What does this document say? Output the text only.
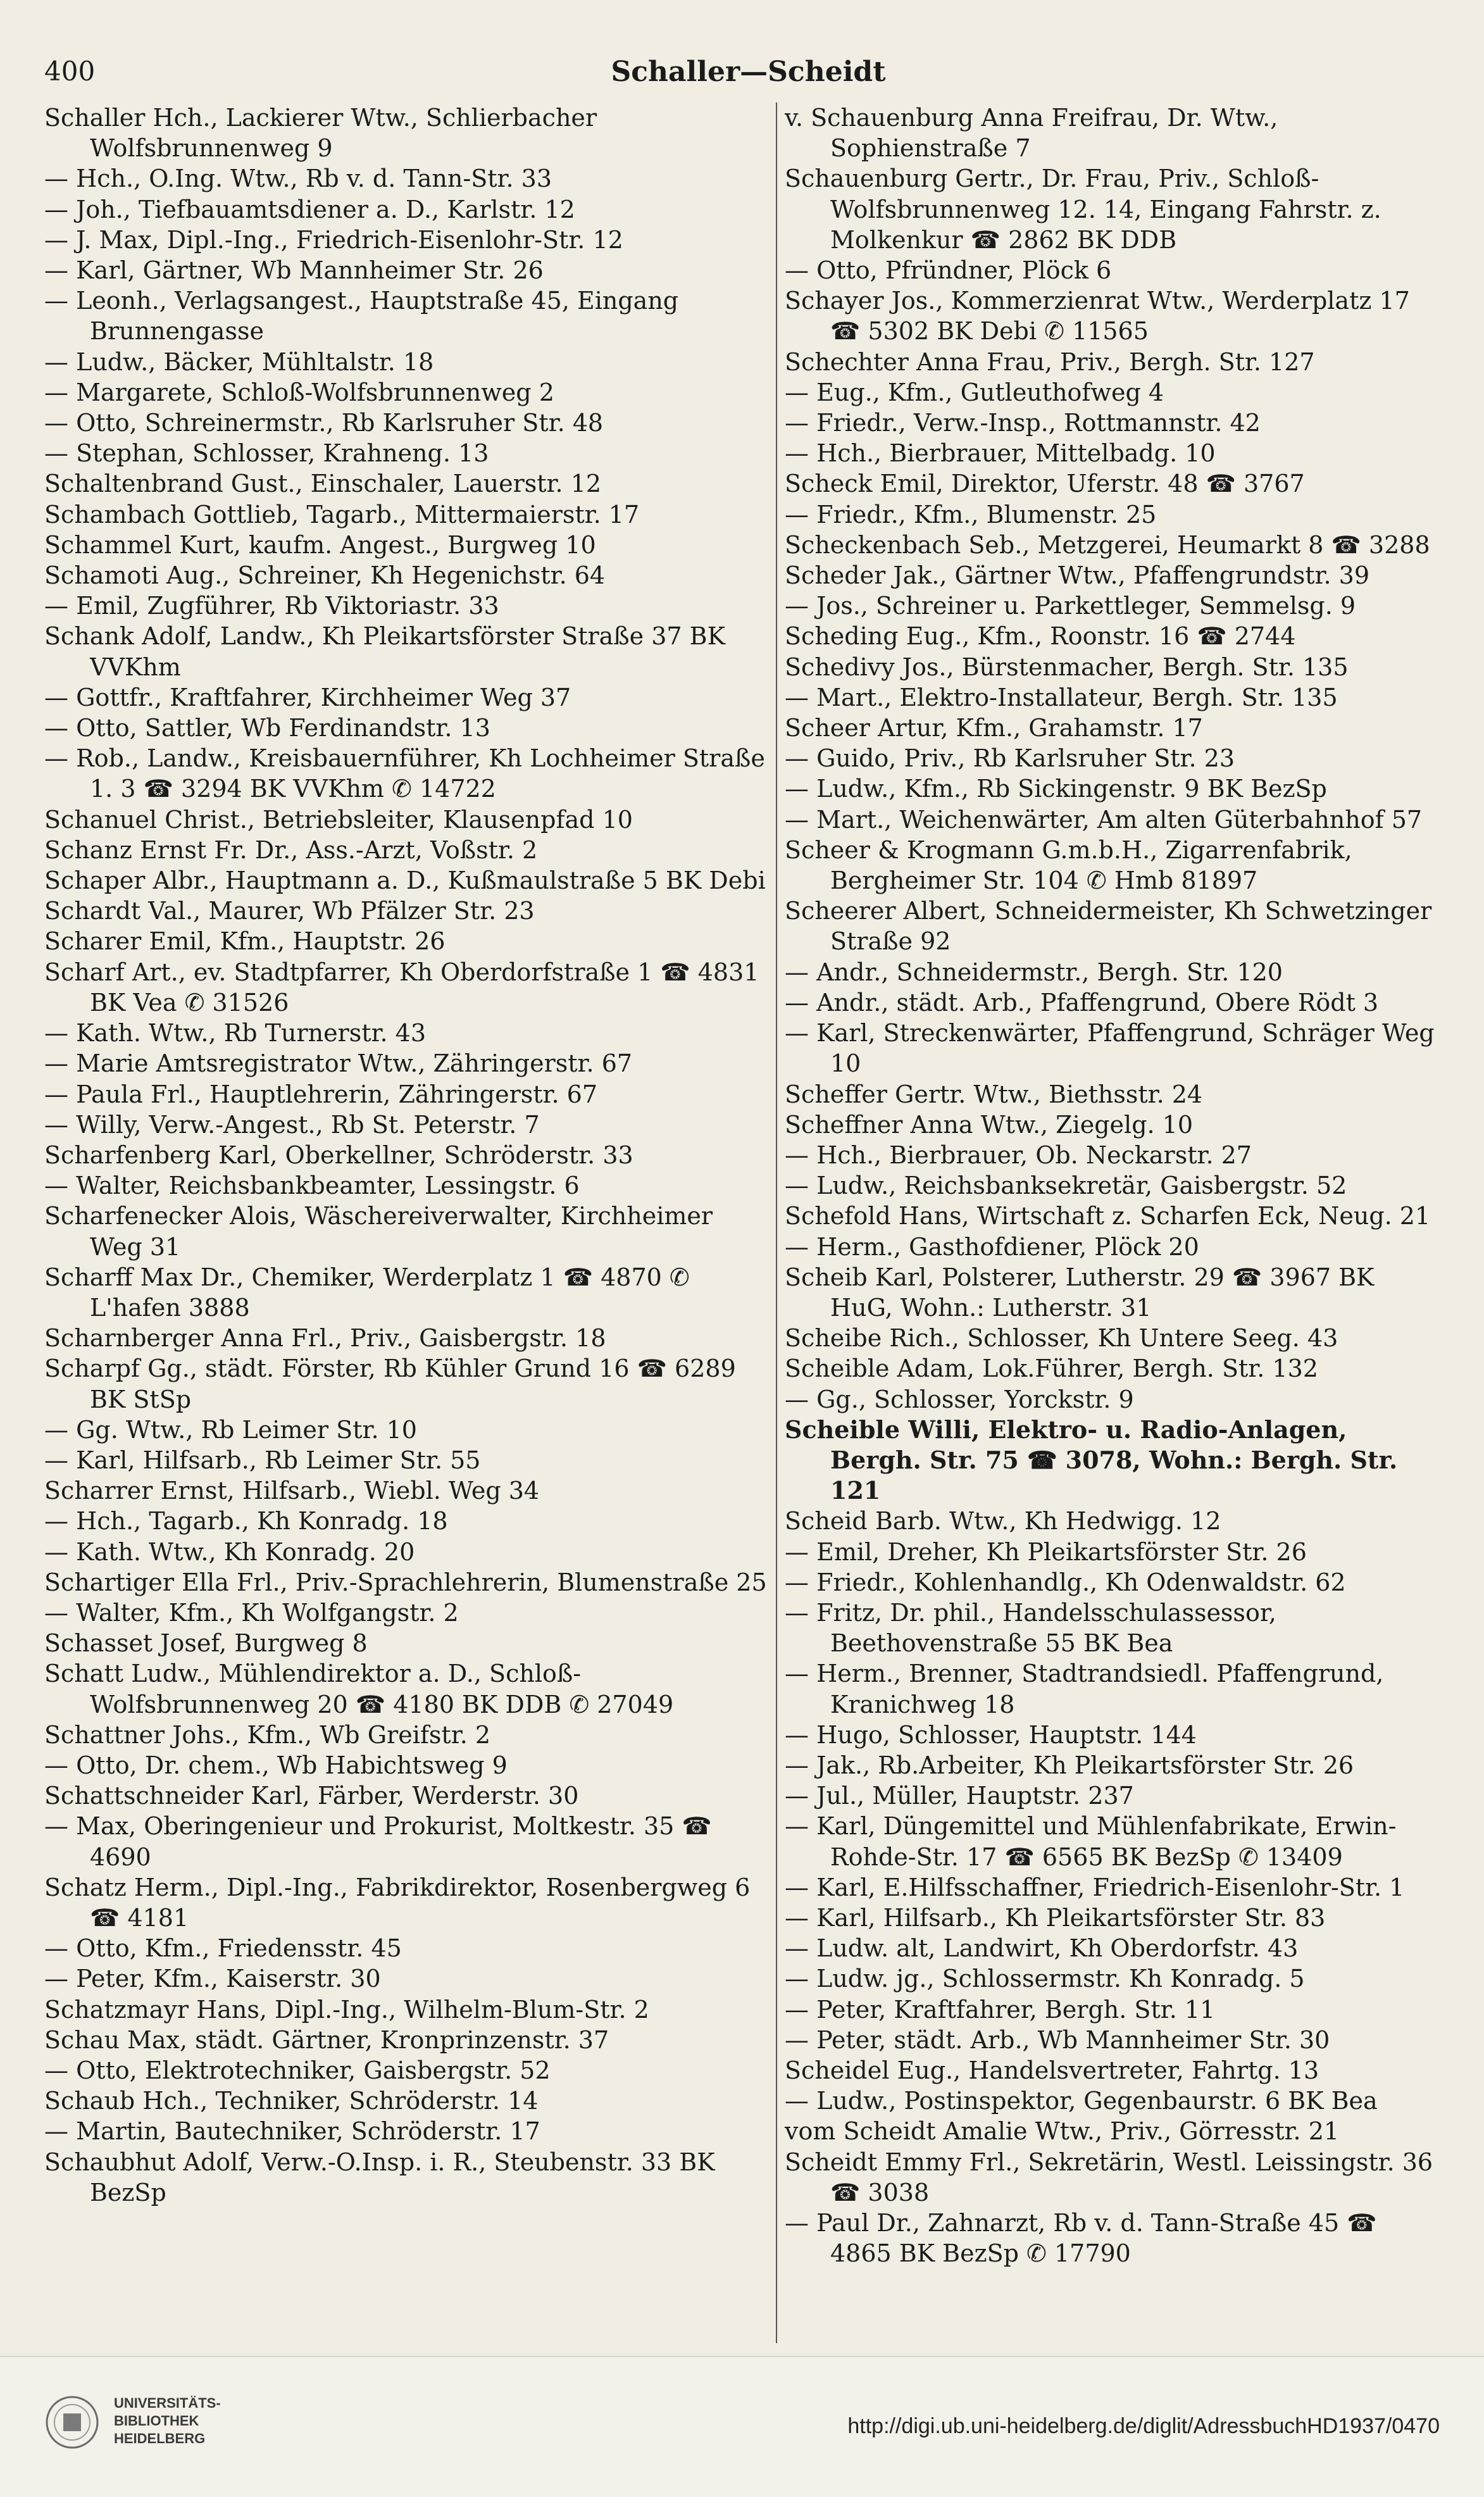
400	Schaller—Scheidt

Schaller Hch., Lackierer Wtw., Schlierbacher Wolfsbrunnenweg 9

— Hch., O.Ing. Wtw., Rb v. d. Tann-Str. 33

— Joh., Tiefbauamtsdiener a. D., Karlstr. 12

— J. Max, Dipl.-Ing., Friedrich-Eisenlohr-Str. 12

— Karl, Gärtner, Wb Mannheimer Str. 26

— Leonh., Verlagsangest., Hauptstraße 45, Eingang Brunnengasse

— Ludw., Bäcker, Mühltalstr. 18

— Margarete, Schloß-Wolfsbrunnenweg 2

— Otto, Schreinermstr., Rb Karlsruher Str. 48

— Stephan, Schlosser, Krahneng. 13

Schaltenbrand Gust., Einschaler, Lauerstr. 12

Schambach Gottlieb, Tagarb., Mittermaierstr. 17

Schammel Kurt, kaufm. Angest., Burgweg 10

Schamoti Aug., Schreiner, Kh Hegenichstr. 64

— Emil, Zugführer, Rb Viktoriastr. 33

Schank Adolf, Landw., Kh Pleikartsförster Straße 37 BK VVKhm

— Gottfr., Kraftfahrer, Kirchheimer Weg 37

— Otto, Sattler, Wb Ferdinandstr. 13

— Rob., Landw., Kreisbauernführer, Kh Lochheimer Straße 1. 3 ☎ 3294 BK VVKhm ✆ 14722

Schanuel Christ., Betriebsleiter, Klausenpfad 10

Schanz Ernst Fr. Dr., Ass.-Arzt, Voßstr. 2

Schaper Albr., Hauptmann a. D., Kußmaulstraße 5 BK Debi

Schardt Val., Maurer, Wb Pfälzer Str. 23

Scharer Emil, Kfm., Hauptstr. 26

Scharf Art., ev. Stadtpfarrer, Kh Oberdorfstraße 1 ☎ 4831 BK Vea ✆ 31526

— Kath. Wtw., Rb Turnerstr. 43

— Marie Amtsregistrator Wtw., Zähringerstr. 67

— Paula Frl., Hauptlehrerin, Zähringerstr. 67

— Willy, Verw.-Angest., Rb St. Peterstr. 7

Scharfenberg Karl, Oberkellner, Schröderstr. 33

— Walter, Reichsbankbeamter, Lessingstr. 6

Scharfenecker Alois, Wäschereiverwalter, Kirchheimer Weg 31

Scharff Max Dr., Chemiker, Werderplatz 1 ☎ 4870 ✆ L'hafen 3888

Scharnberger Anna Frl., Priv., Gaisbergstr. 18

Scharpf Gg., städt. Förster, Rb Kühler Grund 16 ☎ 6289 BK StSp

— Gg. Wtw., Rb Leimer Str. 10

— Karl, Hilfsarb., Rb Leimer Str. 55

Scharrer Ernst, Hilfsarb., Wiebl. Weg 34

— Hch., Tagarb., Kh Konradg. 18

— Kath. Wtw., Kh Konradg. 20

Schartiger Ella Frl., Priv.-Sprachlehrerin, Blumenstraße 25

— Walter, Kfm., Kh Wolfgangstr. 2

Schasset Josef, Burgweg 8

Schatt Ludw., Mühlendirektor a. D., Schloß-Wolfsbrunnenweg 20 ☎ 4180 BK DDB ✆ 27049

Schattner Johs., Kfm., Wb Greifstr. 2

— Otto, Dr. chem., Wb Habichtsweg 9

Schattschneider Karl, Färber, Werderstr. 30

— Max, Oberingenieur und Prokurist, Moltkestr. 35 ☎ 4690

Schatz Herm., Dipl.-Ing., Fabrikdirektor, Rosenbergweg 6 ☎ 4181

— Otto, Kfm., Friedensstr. 45

— Peter, Kfm., Kaiserstr. 30

Schatzmayr Hans, Dipl.-Ing., Wilhelm-Blum-Str. 2

Schau Max, städt. Gärtner, Kronprinzenstr. 37

— Otto, Elektrotechniker, Gaisbergstr. 52

Schaub Hch., Techniker, Schröderstr. 14

— Martin, Bautechniker, Schröderstr. 17

Schaubhut Adolf, Verw.-O.Insp. i. R., Steubenstr. 33 BK BezSp

v. Schauenburg Anna Freifrau, Dr. Wtw., Sophienstraße 7

Schauenburg Gertr., Dr. Frau, Priv., Schloß-Wolfsbrunnenweg 12. 14, Eingang Fahrstr. z. Molkenkur ☎ 2862 BK DDB

— Otto, Pfründner, Plöck 6

Schayer Jos., Kommerzienrat Wtw., Werderplatz 17 ☎ 5302 BK Debi ✆ 11565

Schechter Anna Frau, Priv., Bergh. Str. 127

— Eug., Kfm., Gutleuthofweg 4

— Friedr., Verw.-Insp., Rottmannstr. 42

— Hch., Bierbrauer, Mittelbadg. 10

Scheck Emil, Direktor, Uferstr. 48 ☎ 3767

— Friedr., Kfm., Blumenstr. 25

Scheckenbach Seb., Metzgerei, Heumarkt 8 ☎ 3288

Scheder Jak., Gärtner Wtw., Pfaffengrundstr. 39

— Jos., Schreiner u. Parkettleger, Semmelsg. 9

Scheding Eug., Kfm., Roonstr. 16 ☎ 2744

Schedivy Jos., Bürstenmacher, Bergh. Str. 135

— Mart., Elektro-Installateur, Bergh. Str. 135

Scheer Artur, Kfm., Grahamstr. 17

— Guido, Priv., Rb Karlsruher Str. 23

— Ludw., Kfm., Rb Sickingenstr. 9 BK BezSp

— Mart., Weichenwärter, Am alten Güterbahnhof 57

Scheer & Krogmann G.m.b.H., Zigarrenfabrik, Bergheimer Str. 104 ✆ Hmb 81897

Scheerer Albert, Schneidermeister, Kh Schwetzinger Straße 92

— Andr., Schneidermstr., Bergh. Str. 120

— Andr., städt. Arb., Pfaffengrund, Obere Rödt 3

— Karl, Streckenwärter, Pfaffengrund, Schräger Weg 10

Scheffer Gertr. Wtw., Biethsstr. 24

Scheffner Anna Wtw., Ziegelg. 10

— Hch., Bierbrauer, Ob. Neckarstr. 27

— Ludw., Reichsbanksekretär, Gaisbergstr. 52

Schefold Hans, Wirtschaft z. Scharfen Eck, Neug. 21

— Herm., Gasthofdiener, Plöck 20

Scheib Karl, Polsterer, Lutherstr. 29 ☎ 3967 BK HuG, Wohn.: Lutherstr. 31

Scheibe Rich., Schlosser, Kh Untere Seeg. 43

Scheible Adam, Lok.Führer, Bergh. Str. 132

— Gg., Schlosser, Yorckstr. 9

Scheible Willi, Elektro- u. Radio-Anlagen, Bergh. Str. 75 ☎ 3078, Wohn.: Bergh. Str. 121

Scheid Barb. Wtw., Kh Hedwigg. 12

— Emil, Dreher, Kh Pleikartsförster Str. 26

— Friedr., Kohlenhandlg., Kh Odenwaldstr. 62

— Fritz, Dr. phil., Handelsschulassessor, Beethovenstraße 55 BK Bea

— Herm., Brenner, Stadtrandsiedl. Pfaffengrund, Kranichweg 18

— Hugo, Schlosser, Hauptstr. 144

— Jak., Rb.Arbeiter, Kh Pleikartsförster Str. 26

— Jul., Müller, Hauptstr. 237

— Karl, Düngemittel und Mühlenfabrikate, Erwin-Rohde-Str. 17 ☎ 6565 BK BezSp ✆ 13409

— Karl, E.Hilfsschaffner, Friedrich-Eisenlohr-Str. 1

— Karl, Hilfsarb., Kh Pleikartsförster Str. 83

— Ludw. alt, Landwirt, Kh Oberdorfstr. 43

— Ludw. jg., Schlossermstr. Kh Konradg. 5

— Peter, Kraftfahrer, Bergh. Str. 11

— Peter, städt. Arb., Wb Mannheimer Str. 30

Scheidel Eug., Handelsvertreter, Fahrtg. 13

— Ludw., Postinspektor, Gegenbaurstr. 6 BK Bea

vom Scheidt Amalie Wtw., Priv., Görresstr. 21

Scheidt Emmy Frl., Sekretärin, Westl. Leissingstr. 36 ☎ 3038

— Paul Dr., Zahnarzt, Rb v. d. Tann-Straße 45 ☎ 4865 BK BezSp ✆ 17790

UNIVERSITÄTS-
BIBLIOTHEK
HEIDELBERG
http://digi.ub.uni-heidelberg.de/diglit/AdressbuchHD1937/0470
